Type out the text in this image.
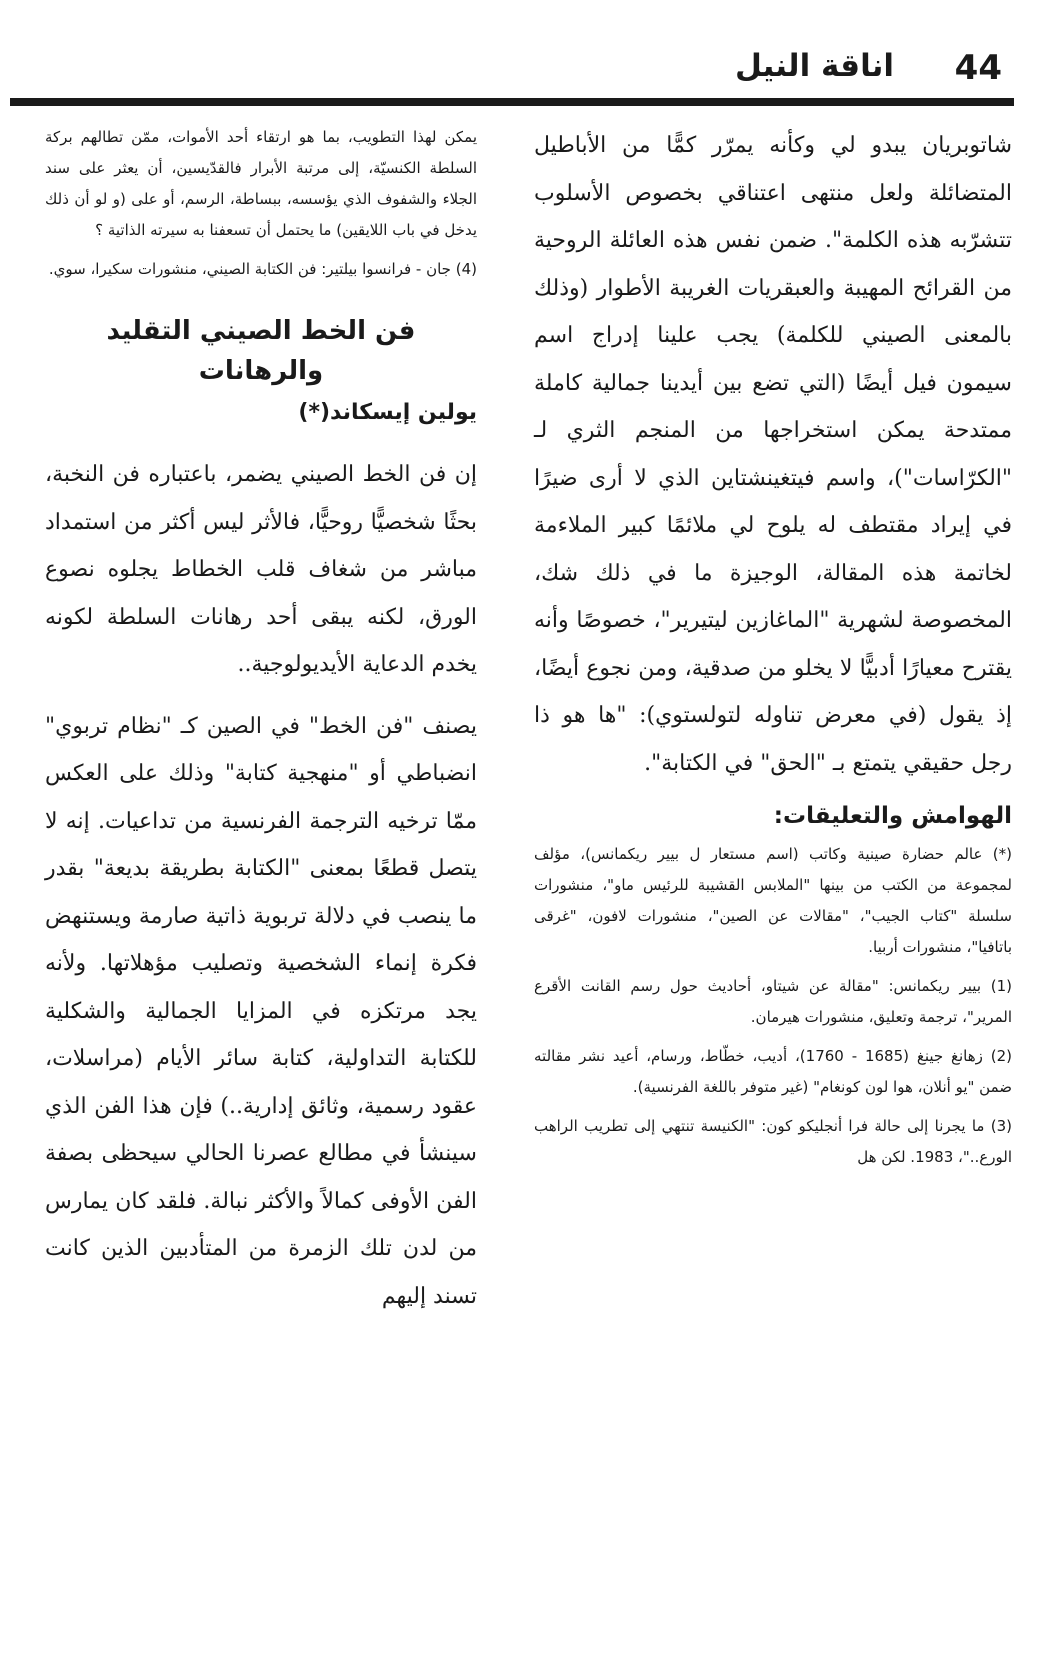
44
اناقة النيل

شاتوبريان يبدو لي وكأنه يمرّر كمًّا من الأباطيل المتضائلة ولعل منتهى اعتناقي بخصوص الأسلوب تتشرّبه هذه الكلمة". ضمن نفس هذه العائلة الروحية من القرائح المهيبة والعبقريات الغريبة الأطوار (وذلك بالمعنى الصيني للكلمة) يجب علينا إدراج اسم سيمون فيل أيضًا (التي تضع بين أيدينا جمالية كاملة ممتدحة يمكن استخراجها من المنجم الثري لـ "الكرّاسات")، واسم فيتغينشتاين الذي لا أرى ضيرًا في إيراد مقتطف له يلوح لي ملائمًا كبير الملاءمة لخاتمة هذه المقالة، الوجيزة ما في ذلك شك، المخصوصة لشهرية "الماغازين ليتيرير"، خصوصًا وأنه يقترح معيارًا أدبيًّا لا يخلو من صدقية، ومن نجوع أيضًا، إذ يقول (في معرض تناوله لتولستوي): "ها هو ذا رجل حقيقي يتمتع بـ "الحق" في الكتابة".

الهوامش والتعليقات:

(*) عالم حضارة صينية وكاتب (اسم مستعار ل بيير ريكمانس)، مؤلف لمجموعة من الكتب من بينها "الملابس القشيبة للرئيس ماو"، منشورات سلسلة "كتاب الجيب"، "مقالات عن الصين"، منشورات لافون، "غرقى باتافيا"، منشورات أربيا.

(1) بيير ريكمانس: "مقالة عن شيتاو، أحاديث حول رسم القانت الأقرع المرير"، ترجمة وتعليق، منشورات هيرمان.

(2) زهانغ جينغ (1685 - 1760)، أديب، خطّاط، ورسام، أعيد نشر مقالته ضمن "يو أنلان، هوا لون كونغام" (غير متوفر باللغة الفرنسية).

(3) ما يجرنا إلى حالة فرا أنجليكو كون: "الكنيسة تنتهي إلى تطريب الراهب الورع.."، 1983. لكن هل

يمكن لهذا التطويب، بما هو ارتقاء أحد الأموات، ممّن تطالهم بركة السلطة الكنسيّة، إلى مرتبة الأبرار فالقدّيسين، أن يعثر على سند الجلاء والشفوف الذي يؤسسه، ببساطة، الرسم، أو على (و لو أن ذلك يدخل في باب اللايقين) ما يحتمل أن تسعفنا به سيرته الذاتية ؟

(4) جان - فرانسوا بيلتير: فن الكتابة الصيني، منشورات سكيرا، سوي.

فن الخط الصيني التقليد والرهانات
يولين إيسكاند(*)

إن فن الخط الصيني يضمر، باعتباره فن النخبة، بحثًا شخصيًّا روحيًّا، فالأثر ليس أكثر من استمداد مباشر من شغاف قلب الخطاط يجلوه نصوع الورق، لكنه يبقى أحد رهانات السلطة لكونه يخدم الدعاية الأيديولوجية..

يصنف "فن الخط" في الصين كـ "نظام تربوي" انضباطي أو "منهجية كتابة" وذلك على العكس ممّا ترخيه الترجمة الفرنسية من تداعيات. إنه لا يتصل قطعًا بمعنى "الكتابة بطريقة بديعة" بقدر ما ينصب في دلالة تربوية ذاتية صارمة ويستنهض فكرة إنماء الشخصية وتصليب مؤهلاتها. ولأنه يجد مرتكزه في المزايا الجمالية والشكلية للكتابة التداولية، كتابة سائر الأيام (مراسلات، عقود رسمية، وثائق إدارية..) فإن هذا الفن الذي سينشأ في مطالع عصرنا الحالي سيحظى بصفة الفن الأوفى كمالاً والأكثر نبالة. فلقد كان يمارس من لدن تلك الزمرة من المتأدبين الذين كانت تسند إليهم
